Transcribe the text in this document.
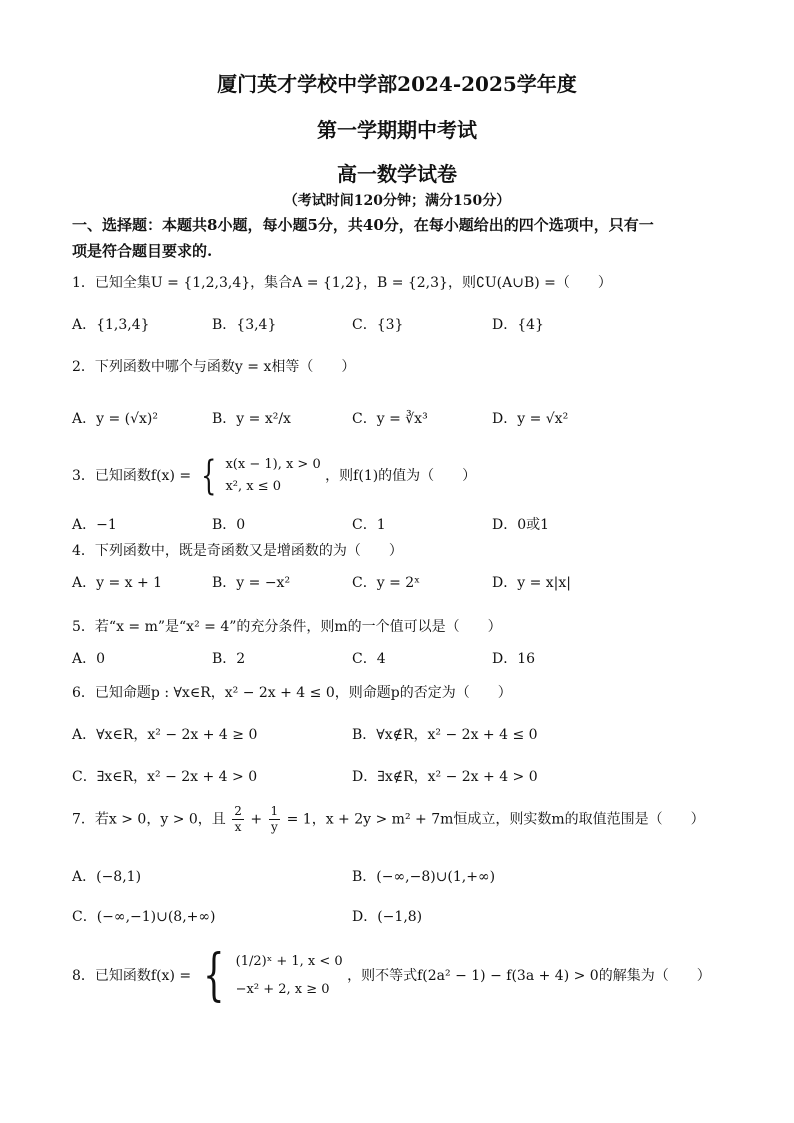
厦门英才学校中学部2024-2025学年度
第一学期期中考试
高一数学试卷
（考试时间120分钟；满分150分）
一、选择题：本题共8小题，每小题5分，共40分，在每小题给出的四个选项中，只有一
项是符合题目要求的.
1．已知全集U = {1,2,3,4}，集合A = {1,2}，B = {2,3}，则∁U(A∪B) =（　　）
A．{1,3,4}	B．{3,4}	C．{3}	D．{4}
2．下列函数中哪个与函数y = x相等（　　）
A．y = (√x)²	B．y = x²/x	C．y = ∛x³	D．y = √x²
3．已知函数f(x) = { x(x − 1), x > 0
x², x ≤ 0
，则f(1)的值为（　　）
A．−1	B．0	C．1	D．0或1
4．下列函数中，既是奇函数又是增函数的为（　　）
A．y = x + 1	B．y = −x²	C．y = 2ˣ	D．y = x|x|
5．若“x = m”是“x² = 4”的充分条件，则m的一个值可以是（　　）
A．0	B．2	C．4	D．16
6．已知命题p : ∀x∈R，x² − 2x + 4 ≤ 0，则命题p的否定为（　　）
A．∀x∈R，x² − 2x + 4 ≥ 0	B．∀x∉R，x² − 2x + 4 ≤ 0
C．∃x∈R，x² − 2x + 4 > 0	D．∃x∉R，x² − 2x + 4 > 0
7．若x > 0，y > 0，且 $\frac{2}{x} + \frac{1}{y} = 1$，x + 2y > m² + 7m恒成立，则实数m的取值范围是（　　）
A．(−8,1)	B．(−∞,−8)∪(1,+∞)
C．(−∞,−1)∪(8,+∞)	D．(−1,8)
8．已知函数f(x) = { (1/2)ˣ + 1, x < 0
−x² + 2, x ≥ 0
，则不等式f(2a² − 1) − f(3a + 4) > 0的解集为（　　）
